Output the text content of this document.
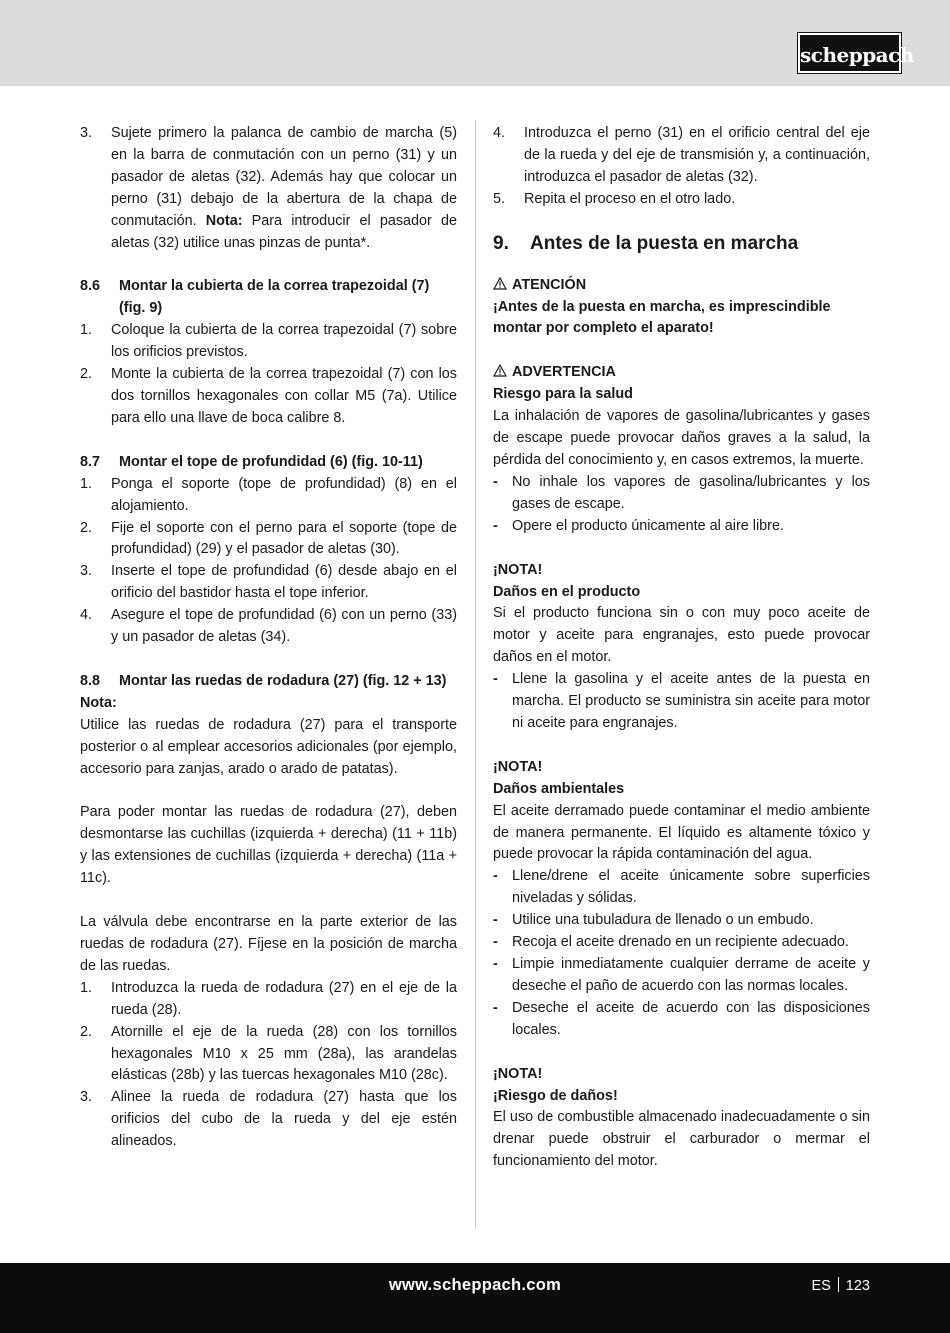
scheppach
3. Sujete primero la palanca de cambio de marcha (5) en la barra de conmutación con un perno (31) y un pasador de aletas (32). Además hay que colocar un perno (31) debajo de la abertura de la chapa de conmutación. Nota: Para introducir el pasador de aletas (32) utilice unas pinzas de punta*.
8.6 Montar la cubierta de la correa trapezoidal (7) (fig. 9)
1. Coloque la cubierta de la correa trapezoidal (7) sobre los orificios previstos.
2. Monte la cubierta de la correa trapezoidal (7) con los dos tornillos hexagonales con collar M5 (7a). Utilice para ello una llave de boca calibre 8.
8.7 Montar el tope de profundidad (6) (fig. 10-11)
1. Ponga el soporte (tope de profundidad) (8) en el alojamiento.
2. Fije el soporte con el perno para el soporte (tope de profundidad) (29) y el pasador de aletas (30).
3. Inserte el tope de profundidad (6) desde abajo en el orificio del bastidor hasta el tope inferior.
4. Asegure el tope de profundidad (6) con un perno (33) y un pasador de aletas (34).
8.8 Montar las ruedas de rodadura (27) (fig. 12 + 13)

Nota:

Utilice las ruedas de rodadura (27) para el transporte posterior o al emplear accesorios adicionales (por ejemplo, accesorio para zanjas, arado o arado de patatas).

Para poder montar las ruedas de rodadura (27), deben desmontarse las cuchillas (izquierda + derecha) (11 + 11b) y las extensiones de cuchillas (izquierda + derecha) (11a + 11c).

La válvula debe encontrarse en la parte exterior de las ruedas de rodadura (27). Fíjese en la posición de marcha de las ruedas.

1. Introduzca la rueda de rodadura (27) en el eje de la rueda (28).
2. Atornille el eje de la rueda (28) con los tornillos hexagonales M10 x 25 mm (28a), las arandelas elásticas (28b) y las tuercas hexagonales M10 (28c).
3. Alinee la rueda de rodadura (27) hasta que los orificios del cubo de la rueda y del eje estén alineados.
4. Introduzca el perno (31) en el orificio central del eje de la rueda y del eje de transmisión y, a continuación, introduzca el pasador de aletas (32).
5. Repita el proceso en el otro lado.
9. Antes de la puesta en marcha

ATENCIÓN

¡Antes de la puesta en marcha, es imprescindible montar por completo el aparato!

ADVERTENCIA

Riesgo para la salud

La inhalación de vapores de gasolina/lubricantes y gases de escape puede provocar daños graves a la salud, la pérdida del conocimiento y, en casos extremos, la muerte.

- No inhale los vapores de gasolina/lubricantes y los gases de escape.
- Opere el producto únicamente al aire libre.

¡NOTA!

Daños en el producto

Si el producto funciona sin o con muy poco aceite de motor y aceite para engranajes, esto puede provocar daños en el motor.

- Llene la gasolina y el aceite antes de la puesta en marcha. El producto se suministra sin aceite para motor ni aceite para engranajes.

¡NOTA!

Daños ambientales

El aceite derramado puede contaminar el medio ambiente de manera permanente. El líquido es altamente tóxico y puede provocar la rápida contaminación del agua.

- Llene/drene el aceite únicamente sobre superficies niveladas y sólidas.
- Utilice una tubuladura de llenado o un embudo.
- Recoja el aceite drenado en un recipiente adecuado.
- Limpie inmediatamente cualquier derrame de aceite y deseche el paño de acuerdo con las normas locales.
- Deseche el aceite de acuerdo con las disposiciones locales.

¡NOTA!

¡Riesgo de daños!

El uso de combustible almacenado inadecuadamente o sin drenar puede obstruir el carburador o mermar el funcionamiento del motor.

www.scheppach.com	ES 123
